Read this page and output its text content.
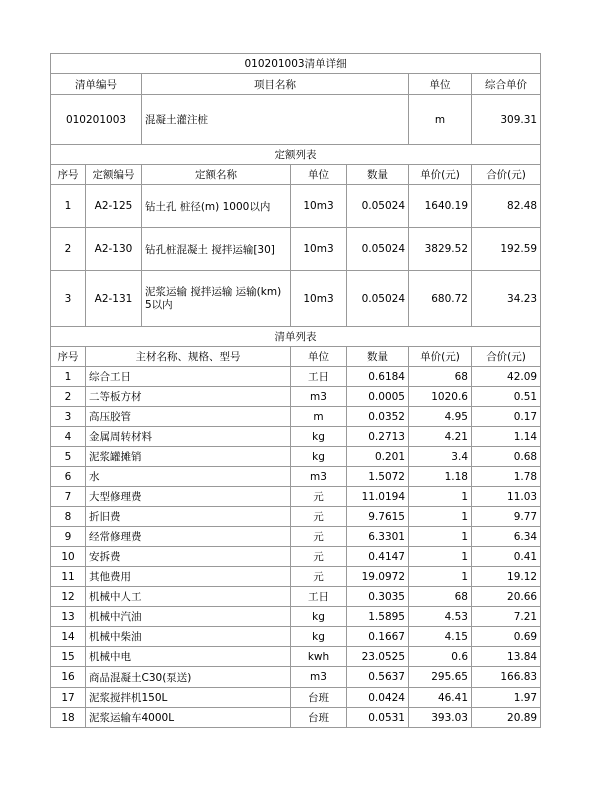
010201003清单详细						
清单编号		项目名称			单位	综合单价
010201003		混凝土灌注桩			m	309.31
定额列表						
序号	定额编号	定额名称	单位	数量	单价(元)	合价(元)
1	A2-125	钻土孔 桩径(m) 1000以内	10m3	0.05024	1640.19	82.48
2	A2-130	钻孔桩混凝土 搅拌运输[30]	10m3	0.05024	3829.52	192.59
3	A2-131	泥浆运输 搅拌运输 运输(km) 5以内	10m3	0.05024	680.72	34.23
清单列表						
序号	主材名称、规格、型号		单位	数量	单价(元)	合价(元)
1	综合工日		工日	0.6184	68	42.09
2	二等板方材		m3	0.0005	1020.6	0.51
3	高压胶管		m	0.0352	4.95	0.17
4	金属周转材料		kg	0.2713	4.21	1.14
5	泥浆罐摊销		kg	0.201	3.4	0.68
6	水		m3	1.5072	1.18	1.78
7	大型修理费		元	11.0194	1	11.03
8	折旧费		元	9.7615	1	9.77
9	经常修理费		元	6.3301	1	6.34
10	安拆费		元	0.4147	1	0.41
11	其他费用		元	19.0972	1	19.12
12	机械中人工		工日	0.3035	68	20.66
13	机械中汽油		kg	1.5895	4.53	7.21
14	机械中柴油		kg	0.1667	4.15	0.69
15	机械中电		kwh	23.0525	0.6	13.84
16	商品混凝土C30(泵送)		m3	0.5637	295.65	166.83
17	泥浆搅拌机150L		台班	0.0424	46.41	1.97
18	泥浆运输车4000L		台班	0.0531	393.03	20.89
